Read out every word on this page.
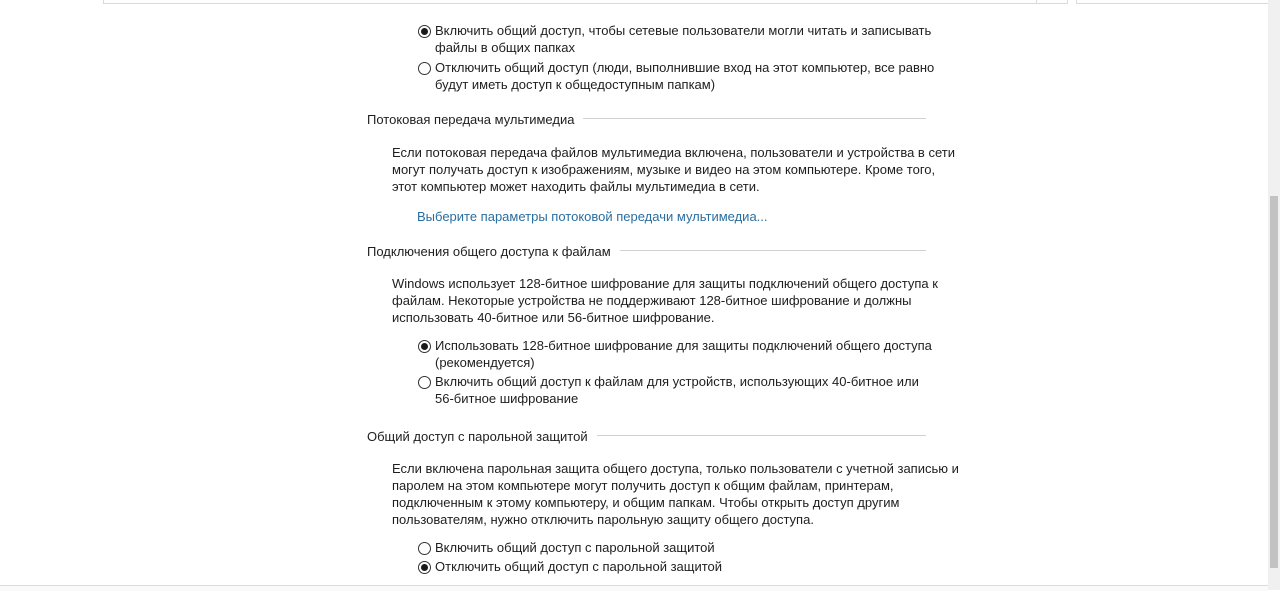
Включить общий доступ, чтобы сетевые пользователи могли читать и записывать
файлы в общих папках
Отключить общий доступ (люди, выполнившие вход на этот компьютер, все равно
будут иметь доступ к общедоступным папкам)
Потоковая передача мультимедиа
Если потоковая передача файлов мультимедиа включена, пользователи и устройства в сети
могут получать доступ к изображениям, музыке и видео на этом компьютере. Кроме того,
этот компьютер может находить файлы мультимедиа в сети.
Выберите параметры потоковой передачи мультимедиа...
Подключения общего доступа к файлам
Windows использует 128-битное шифрование для защиты подключений общего доступа к
файлам. Некоторые устройства не поддерживают 128-битное шифрование и должны
использовать 40-битное или 56-битное шифрование.
Использовать 128-битное шифрование для защиты подключений общего доступа
(рекомендуется)
Включить общий доступ к файлам для устройств, использующих 40-битное или
56-битное шифрование
Общий доступ с парольной защитой
Если включена парольная защита общего доступа, только пользователи с учетной записью и
паролем на этом компьютере могут получить доступ к общим файлам, принтерам,
подключенным к этому компьютеру, и общим папкам. Чтобы открыть доступ другим
пользователям, нужно отключить парольную защиту общего доступа.
Включить общий доступ с парольной защитой
Отключить общий доступ с парольной защитой
